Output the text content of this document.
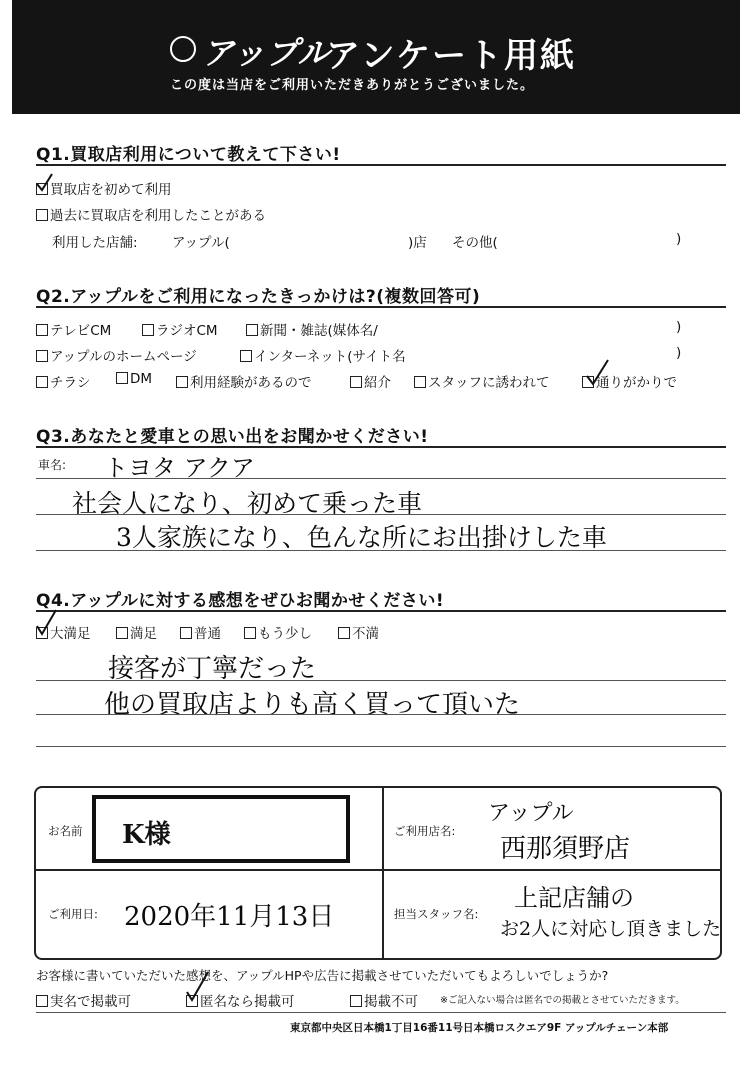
アップル
アンケート用紙
この度は当店をご利用いただきありがとうございました。
Q1.買取店利用について教えて下さい!
買取店を初めて利用
過去に買取店を利用したことがある
利用した店舗:	アップル(	)店 その他(	)
Q2.アップルをご利用になったきっかけは?(複数回答可)
テレビCM	ラジオCM	新聞・雑誌(媒体名/	)
アップルのホームページ	インターネット(サイト名	)
チラシ	DM	利用経験があるので	紹介	スタッフに誘われて	通りがかりで
Q3.あなたと愛車との思い出をお聞かせください!
車名: トヨタ アクア
社会人になり、初めて乗った車
3人家族になり、色んな所にお出掛けした車
Q4.アップルに対する感想をぜひお聞かせください!
大満足	満足	普通	もう少し	不満
接客が丁寧だった
他の買取店よりも高く買って頂いた
お名前 K様	ご利用店名:
アップル
西那須野店
ご利用日: 2020年11月13日	担当スタッフ名:
上記店舗の
お2人に対応し頂きました
お客様に書いていただいた感想を、アップルHPや広告に掲載させていただいてもよろしいでしょうか?
実名で掲載可	匿名なら掲載可	掲載不可 ※ご記入ない場合は匿名での掲載とさせていただきます。
東京都中央区日本橋1丁目16番11号日本橋ロスクエア9F アップルチェーン本部
